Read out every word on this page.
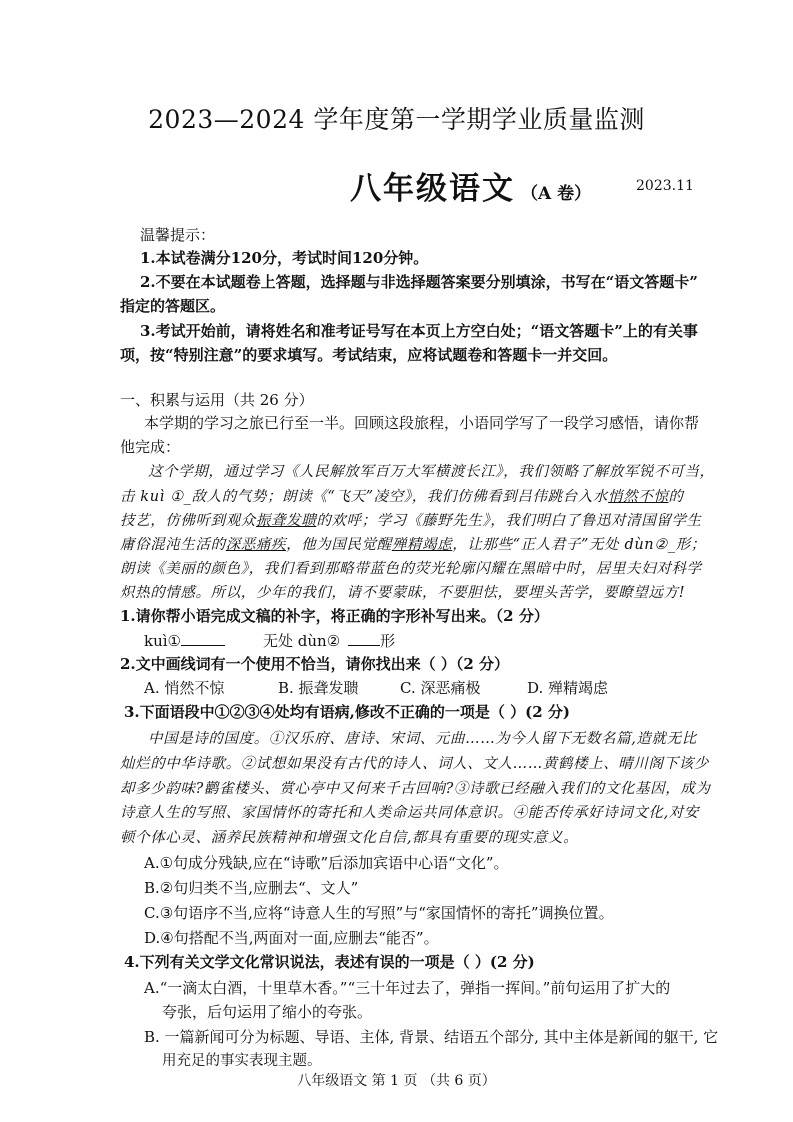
2023—2024 学年度第一学期学业质量监测
八年级语文 （A 卷）	2023.11
温馨提示：
1.本试卷满分120分，考试时间120分钟。
2.不要在本试题卷上答题，选择题与非选择题答案要分别填涂，书写在“语文答题卡”
指定的答题区。
3.考试开始前，请将姓名和准考证号写在本页上方空白处；“语文答题卡”上的有关事
项，按“特别注意”的要求填写。考试结束，应将试题卷和答题卡一并交回。
一、积累与运用（共 26 分）
本学期的学习之旅已行至一半。回顾这段旅程，小语同学写了一段学习感悟，请你帮
他完成：
这个学期，通过学习《人民解放军百万大军横渡长江》，我们领略了解放军锐不可当，
击 kuì ①_敌人的气势；朗读《“飞天”凌空》，我们仿佛看到吕伟跳台入水悄然不惊的
技艺，仿佛听到观众振聋发聩的欢呼；学习《藤野先生》，我们明白了鲁迅对清国留学生
庸俗混沌生活的深恶痛疾，他为国民觉醒殚精竭虑，让那些“正人君子”无处 dùn②_形；
朗读《美丽的颜色》，我们看到那略带蓝色的荧光轮廓闪耀在黑暗中时，居里夫妇对科学
炽热的情感。所以，少年的我们，请不要蒙昧，不要胆怯，要埋头苦学，要瞭望远方!
1.请你帮小语完成文稿的补字，将正确的字形补写出来。（2 分）
kuì①	无处 dùn②	形
2.文中画线词有一个使用不恰当，请你找出来（ ）（2 分）
A. 悄然不惊	B. 振聋发聩	C. 深恶痛极	D. 殚精竭虑
3.下面语段中①②③④处均有语病,修改不正确的一项是（ ）(2 分)
中国是诗的国度。①汉乐府、唐诗、宋词、元曲……为今人留下无数名篇,造就无比
灿烂的中华诗歌。②试想如果没有古代的诗人、词人、文人……黄鹤楼上、晴川阁下该少
却多少韵味?鹳雀楼头、赏心亭中又何来千古回响?③诗歌已经融入我们的文化基因，成为
诗意人生的写照、家国情怀的寄托和人类命运共同体意识。④能否传承好诗词文化,对安
顿个体心灵、涵养民族精神和增强文化自信,都具有重要的现实意义。
A.①句成分残缺,应在“诗歌”后添加宾语中心语“文化”。
B.②句归类不当,应删去“、文人”
C.③句语序不当,应将“诗意人生的写照”与“家国情怀的寄托”调换位置。
D.④句搭配不当,两面对一面,应删去“能否”。
4.下列有关文学文化常识说法，表述有误的一项是（ ）(2 分)
A.“一滴太白酒，十里草木香。”“三十年过去了，弹指一挥间。”前句运用了扩大的
夸张，后句运用了缩小的夸张。
B. 一篇新闻可分为标题、导语、主体, 背景、结语五个部分, 其中主体是新闻的躯干, 它
用充足的事实表现主题。
八年级语文 第 1 页 （共 6 页）
